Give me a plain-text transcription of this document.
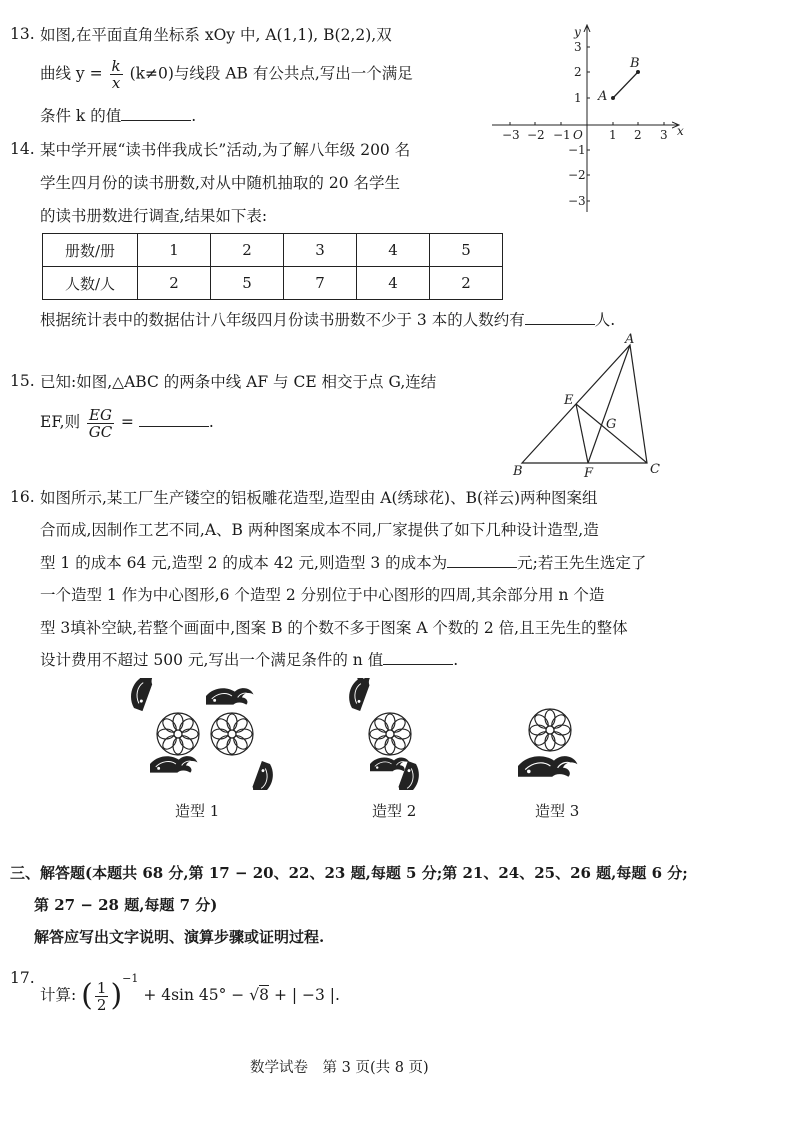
13. 如图,在平面直角坐标系 xOy 中, A(1,1), B(2,2),双
曲线 $y = \frac{k}{x} (k\ne 0)$与线段 AB 有公共点,写出一个满足
条件 k 的值	.
−3 −2 −1 O 1 2 3 x
y
3
2
1
−1
−2
−3
A
B
14. 某中学开展“读书伴我成长”活动,为了解八年级 200 名
学生四月份的读书册数,对从中随机抽取的 20 名学生
的读书册数进行调查,结果如下表:
册数/册	1	2	3	4	5
人数/人	2	5	7	4	2
根据统计表中的数据估计八年级四月份读书册数不少于 3 本的人数约有	人.
15. 已知:如图,△ABC 的两条中线 AF 与 CE 相交于点 G,连结
EF,则 $\frac{EG}{GC}$ =	.
A
B	C
E
F
G
16. 如图所示,某工厂生产镂空的铝板雕花造型,造型由 A(绣球花)、B(祥云)两种图案组
合而成,因制作工艺不同,A、B 两种图案成本不同,厂家提供了如下几种设计造型,造
型 1 的成本 64 元,造型 2 的成本 42 元,则造型 3 的成本为	元;若王先生选定了
一个造型 1 作为中心图形,6 个造型 2 分别位于中心图形的四周,其余部分用 n 个造
型 3填补空缺,若整个画面中,图案 B 的个数不多于图案 A 个数的 2 倍,且王先生的整体
设计费用不超过 500 元,写出一个满足条件的 n 值	.
造型 1	造型 2	造型 3
三、解答题(本题共 68 分,第 17 − 20、22、23 题,每题 5 分;第 21、24、25、26 题,每题 6 分;
第 27 − 28 题,每题 7 分)
解答应写出文字说明、演算步骤或证明过程.
17.
计算: ( $\frac{1}{2} )^{-1} + 4\sin$ 45° − √8 + | −3 |.
数学试卷　第 3 页(共 8 页)
